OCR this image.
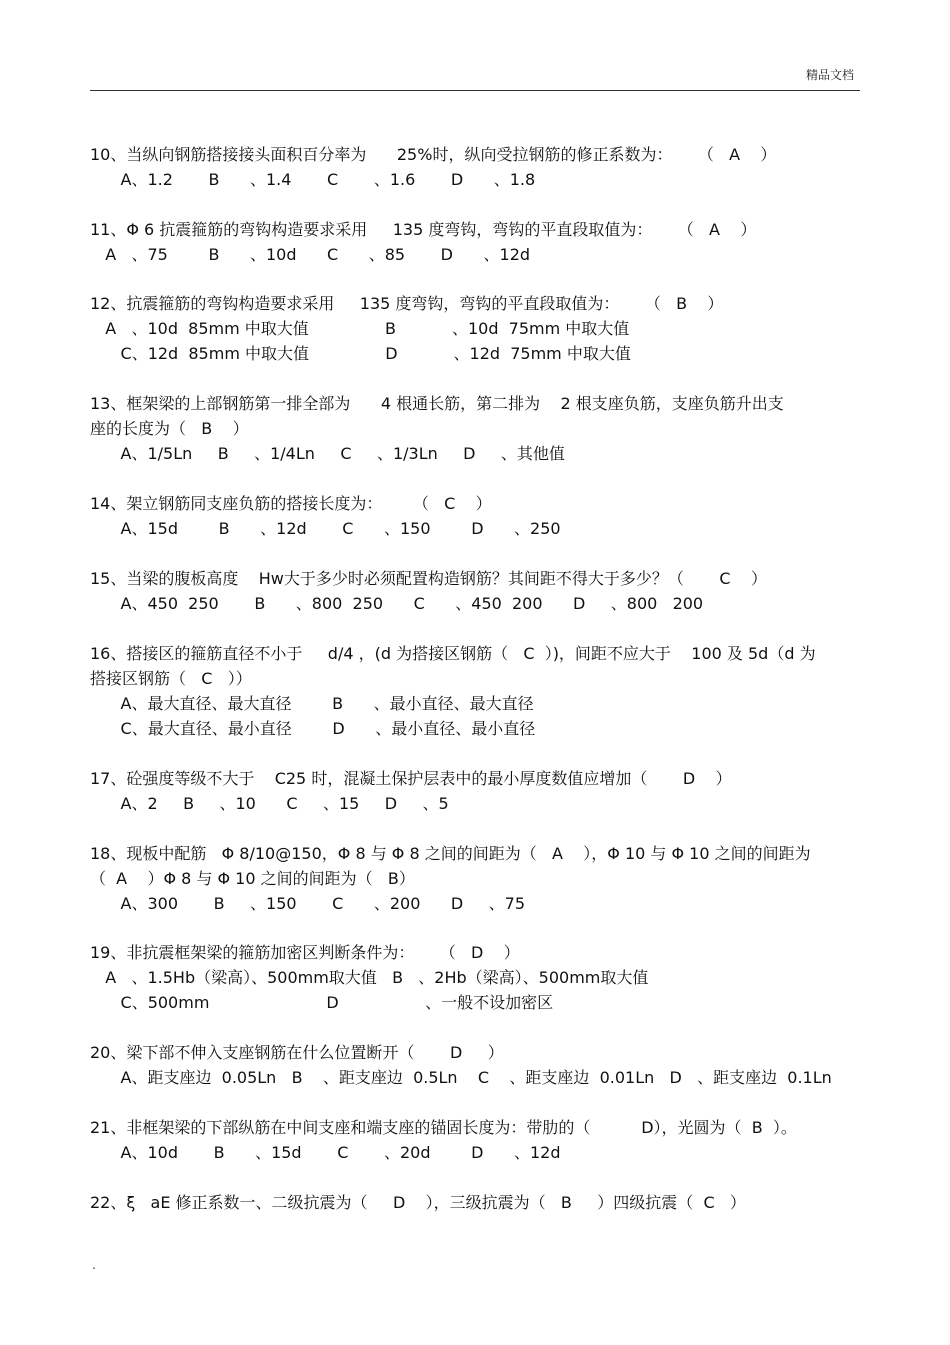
精品文档
10、当纵向钢筋搭接接头面积百分率为      25%时，纵向受拉钢筋的修正系数为：     （   A    ）
A、1.2       B      、1.4       C       、1.6       D      、1.8
11、Φ 6 抗震箍筋的弯钩构造要求采用     135 度弯钩，弯钩的平直段取值为：     （   A    ）
A   、75        B      、10d      C      、85       D      、12d
12、抗震箍筋的弯钩构造要求采用     135 度弯钩，弯钩的平直段取值为：     （   B    ）
A   、10d  85mm 中取大值               B           、10d  75mm 中取大值
C、12d  85mm 中取大值               D           、12d  75mm 中取大值
13、框架梁的上部钢筋第一排全部为      4 根通长筋，第二排为    2 根支座负筋，支座负筋升出支
座的长度为（   B    ）
A、1/5Ln     B     、1/4Ln     C     、1/3Ln     D     、其他值
14、架立钢筋同支座负筋的搭接长度为：      （   C    ）
A、15d        B      、12d       C      、150        D      、250
15、当梁的腹板高度    Hw大于多少时必须配置构造钢筋？其间距不得大于多少？（       C    ）
A、450  250       B      、800  250      C      、450  200      D     、800   200
16、搭接区的箍筋直径不小于     d/4 ，(d 为搭接区钢筋（   C  ）)，间距不应大于    100 及 5d（d 为
搭接区钢筋（   C   ））
A、最大直径、最大直径        B      、最小直径、最大直径
C、最大直径、最小直径        D      、最小直径、最小直径
17、砼强度等级不大于    C25 时，混凝土保护层表中的最小厚度数值应增加（       D    ）
A、2     B     、10      C     、15     D     、5
18、现板中配筋   Φ 8/10@150，Φ 8 与 Φ 8 之间的间距为（   A    ），Φ 10 与 Φ 10 之间的间距为
（  A    ）Φ 8 与 Φ 10 之间的间距为（   B）
A、300       B     、150       C      、200      D     、75
19、非抗震框架梁的箍筋加密区判断条件为：     （   D    ）
A   、1.5Hb（梁高）、500mm取大值   B   、2Hb（梁高）、500mm取大值
C、500mm                       D                 、一般不设加密区
20、梁下部不伸入支座钢筋在什么位置断开（       D     ）
A、距支座边  0.05Ln   B    、距支座边  0.5Ln    C    、距支座边  0.01Ln   D   、距支座边  0.1Ln
21、非框架梁的下部纵筋在中间支座和端支座的锚固长度为：带肋的（          D），光圆为（  B  ）。
A、10d       B      、15d       C       、20d        D      、12d
22、ξ   aE 修正系数一、二级抗震为（     D    ），三级抗震为（   B     ）四级抗震（  C   ）
.
